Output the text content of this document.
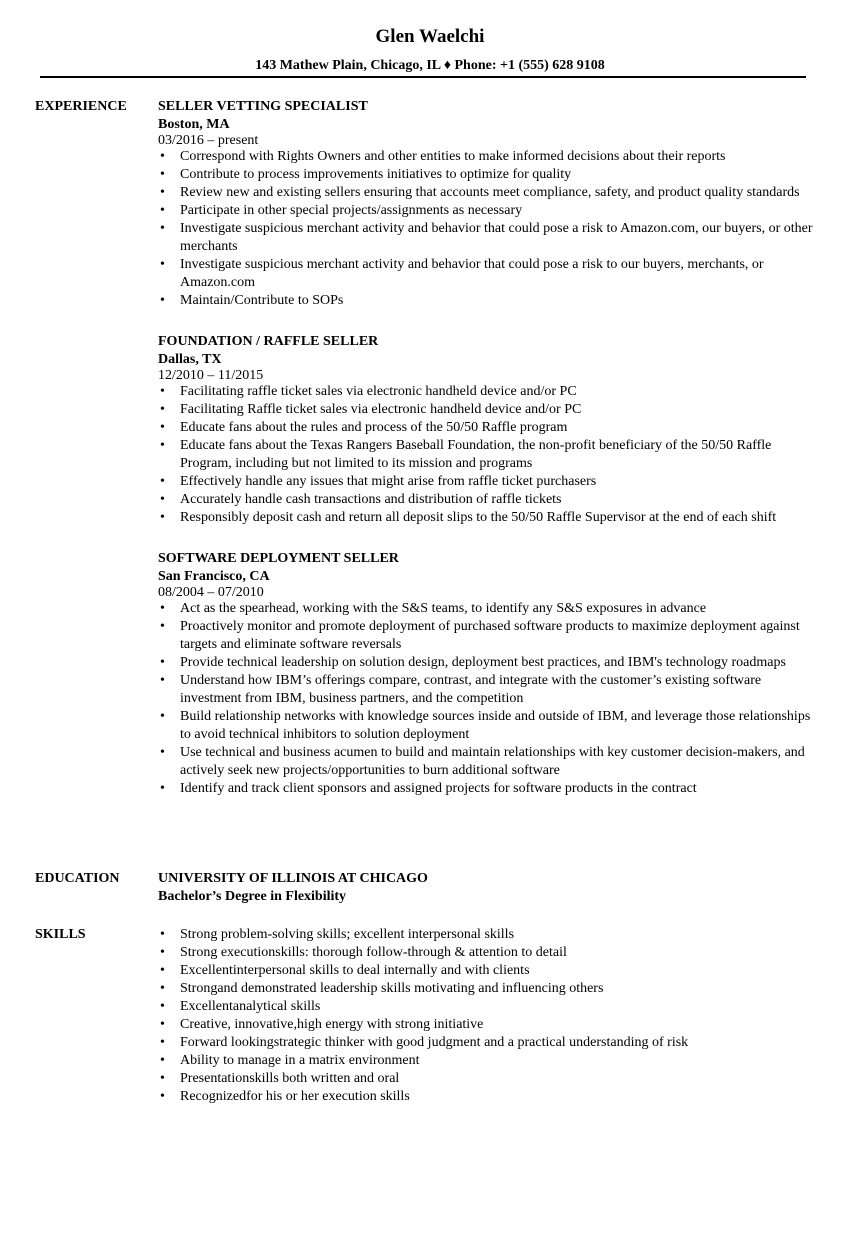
Glen Waelchi
143 Mathew Plain, Chicago, IL ♦ Phone: +1 (555) 628 9108
EXPERIENCE SELLER VETTING SPECIALIST
Boston, MA
03/2016 – present
• Correspond with Rights Owners and other entities to make informed decisions about their reports
• Contribute to process improvements initiatives to optimize for quality
• Review new and existing sellers ensuring that accounts meet compliance, safety, and product quality standards
• Participate in other special projects/assignments as necessary
• Investigate suspicious merchant activity and behavior that could pose a risk to Amazon.com, our buyers, or other merchants
• Investigate suspicious merchant activity and behavior that could pose a risk to our buyers, merchants, or Amazon.com
• Maintain/Contribute to SOPs
FOUNDATION / RAFFLE SELLER
Dallas, TX
12/2010 – 11/2015
• Facilitating raffle ticket sales via electronic handheld device and/or PC
• Facilitating Raffle ticket sales via electronic handheld device and/or PC
• Educate fans about the rules and process of the 50/50 Raffle program
• Educate fans about the Texas Rangers Baseball Foundation, the non-profit beneficiary of the 50/50 Raffle Program, including but not limited to its mission and programs
• Effectively handle any issues that might arise from raffle ticket purchasers
• Accurately handle cash transactions and distribution of raffle tickets
• Responsibly deposit cash and return all deposit slips to the 50/50 Raffle Supervisor at the end of each shift
SOFTWARE DEPLOYMENT SELLER
San Francisco, CA
08/2004 – 07/2010
• Act as the spearhead, working with the S&S teams, to identify any S&S exposures in advance
• Proactively monitor and promote deployment of purchased software products to maximize deployment against targets and eliminate software reversals
• Provide technical leadership on solution design, deployment best practices, and IBM's technology roadmaps
• Understand how IBM’s offerings compare, contrast, and integrate with the customer’s existing software investment from IBM, business partners, and the competition
• Build relationship networks with knowledge sources inside and outside of IBM, and leverage those relationships to avoid technical inhibitors to solution deployment
• Use technical and business acumen to build and maintain relationships with key customer decision-makers, and actively seek new projects/opportunities to burn additional software
• Identify and track client sponsors and assigned projects for software products in the contract
EDUCATION	UNIVERSITY OF ILLINOIS AT CHICAGO
Bachelor’s Degree in Flexibility
SKILLS	• Strong problem-solving skills; excellent interpersonal skills
• Strong executionskills: thorough follow-through & attention to detail
• Excellentinterpersonal skills to deal internally and with clients
• Strongand demonstrated leadership skills motivating and influencing others
• Excellentanalytical skills
• Creative, innovative,high energy with strong initiative
• Forward lookingstrategic thinker with good judgment and a practical understanding of risk
• Ability to manage in a matrix environment
• Presentationskills both written and oral
• Recognizedfor his or her execution skills
